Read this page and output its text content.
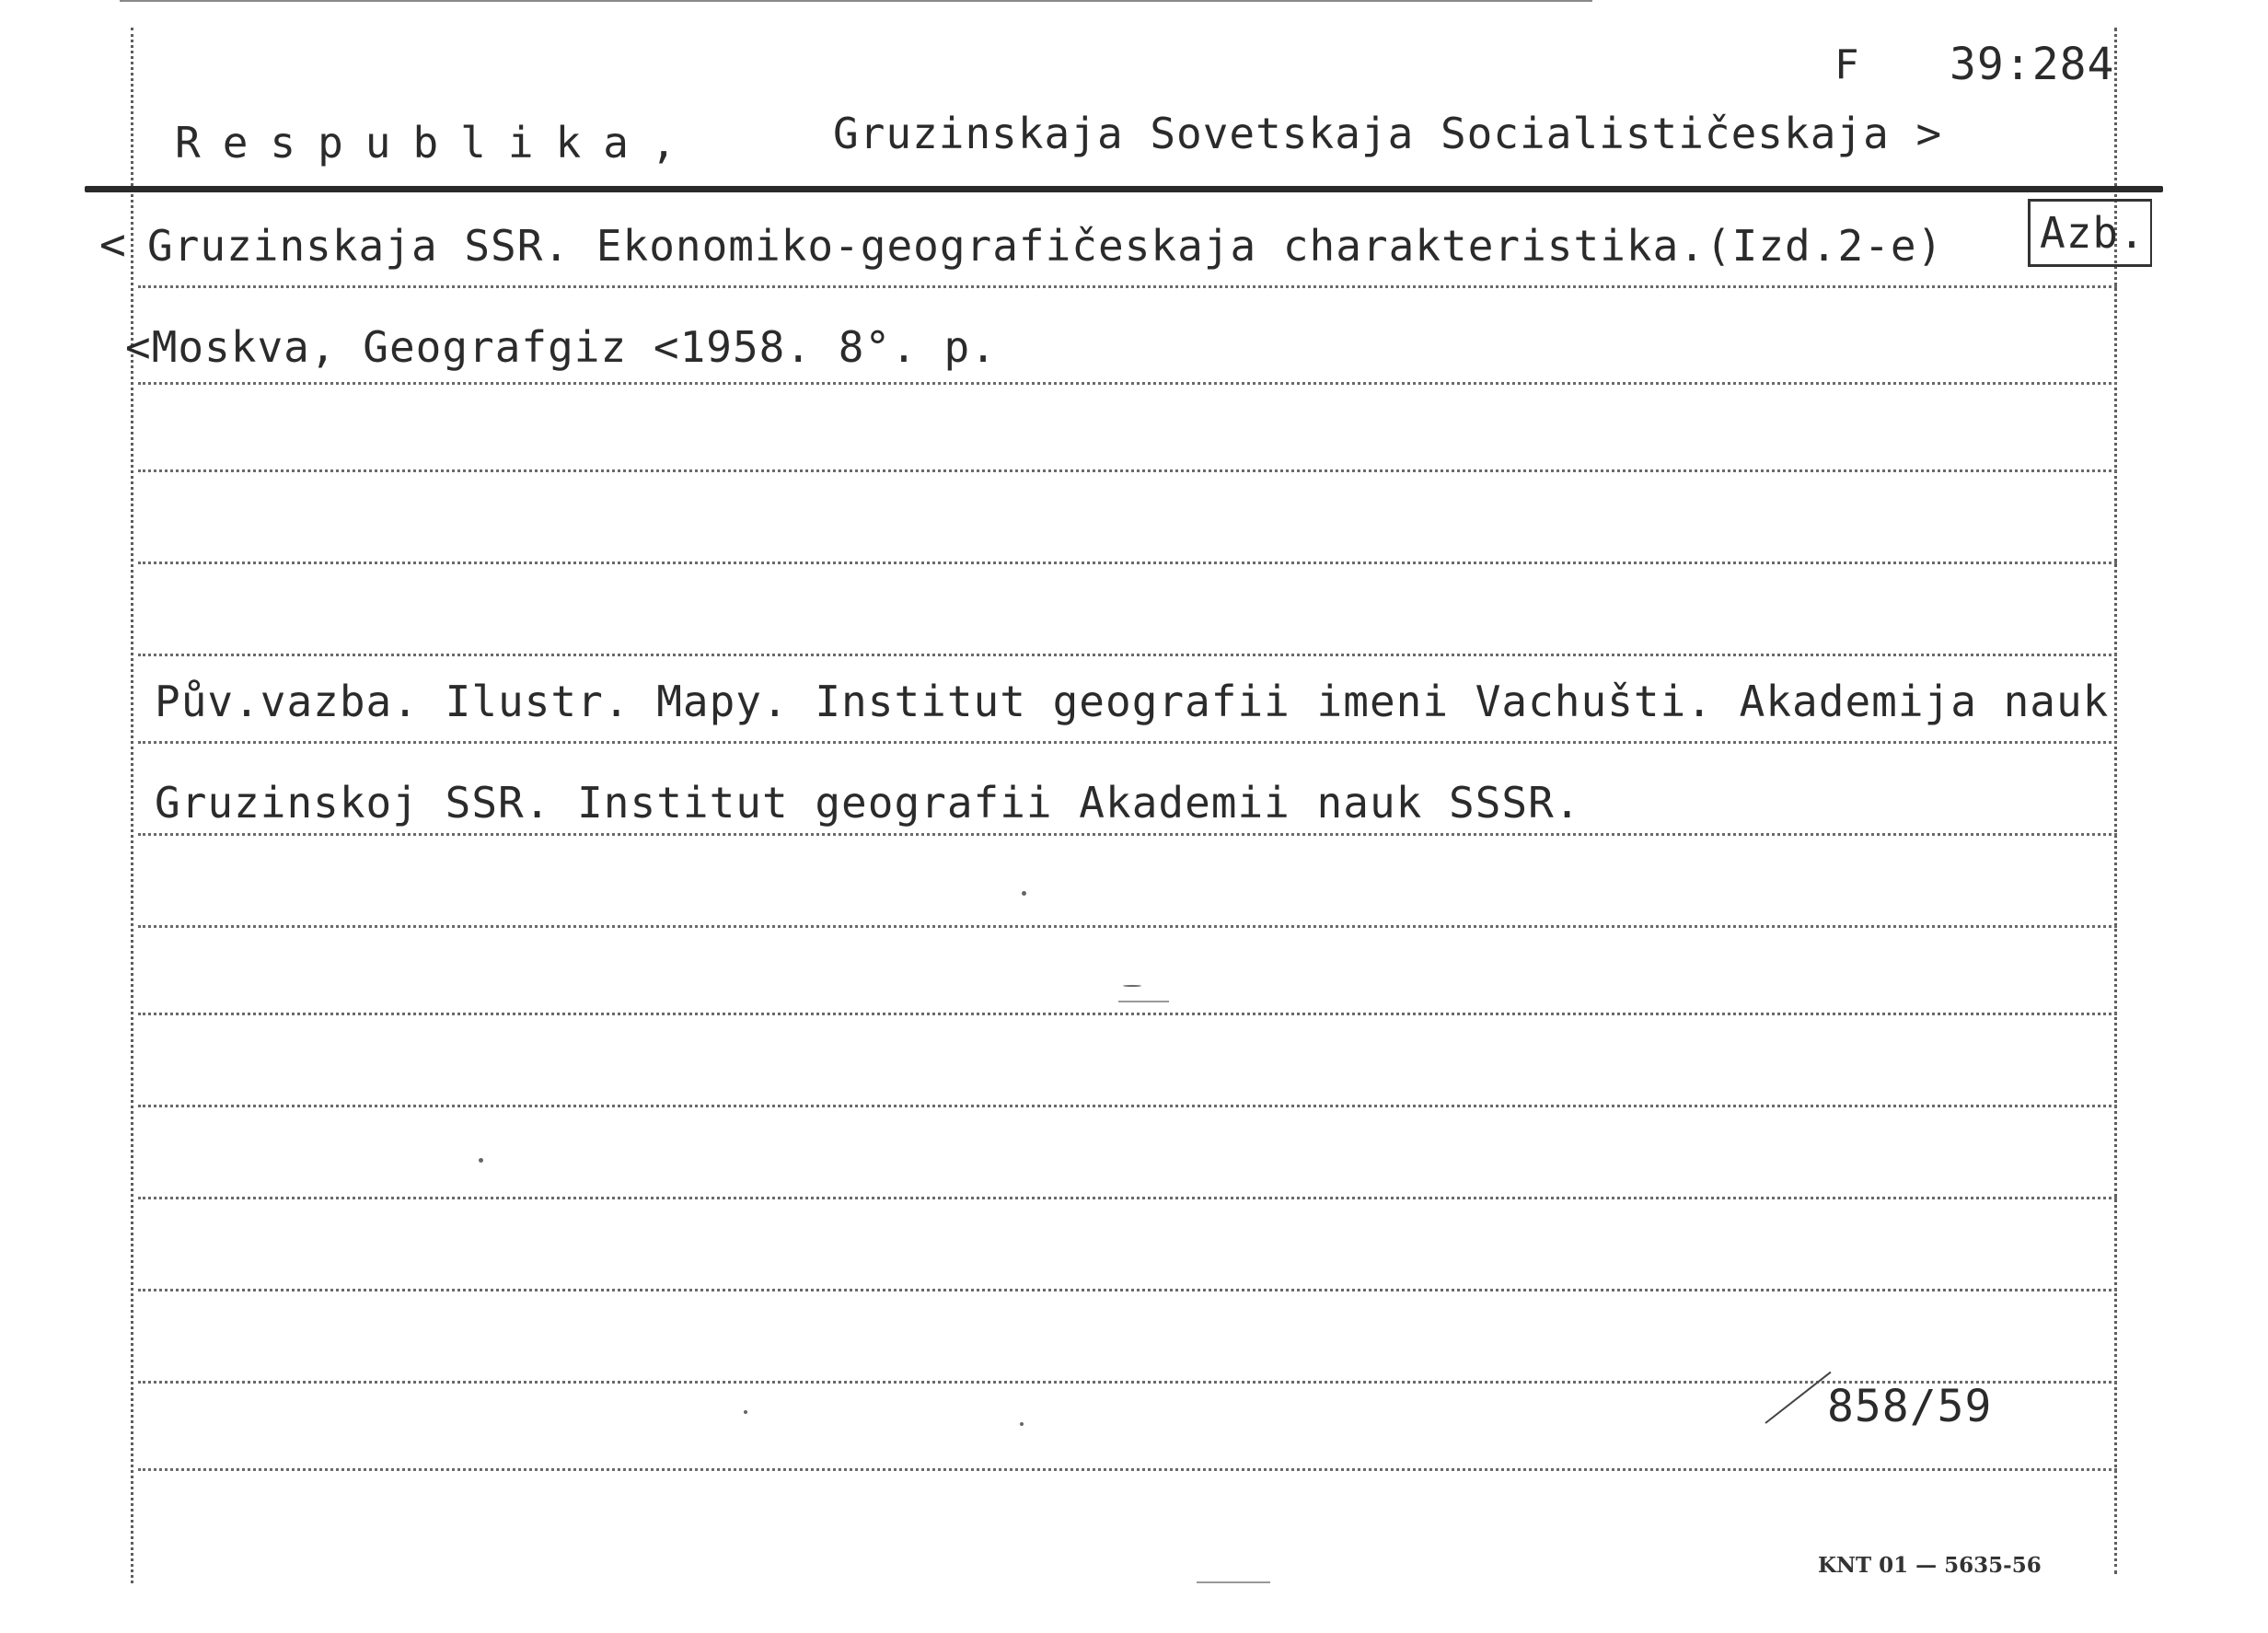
F 39:284
Respublika,	Gruzinskaja Sovetskaja Socialističeskaja >
< Gruzinskaja SSR. Ekonomiko-geografičeskaja charakteristika.(Izd.2-e) Azb.
<Moskva, Geografgiz <1958. 8°. p.
Pův.vazba. Ilustr. Mapy. Institut geografii imeni Vachušti. Akademija nauk
Gruzinskoj SSR. Institut geografii Akademii nauk SSSR.
858/59
KNT 01 — 5635-56
